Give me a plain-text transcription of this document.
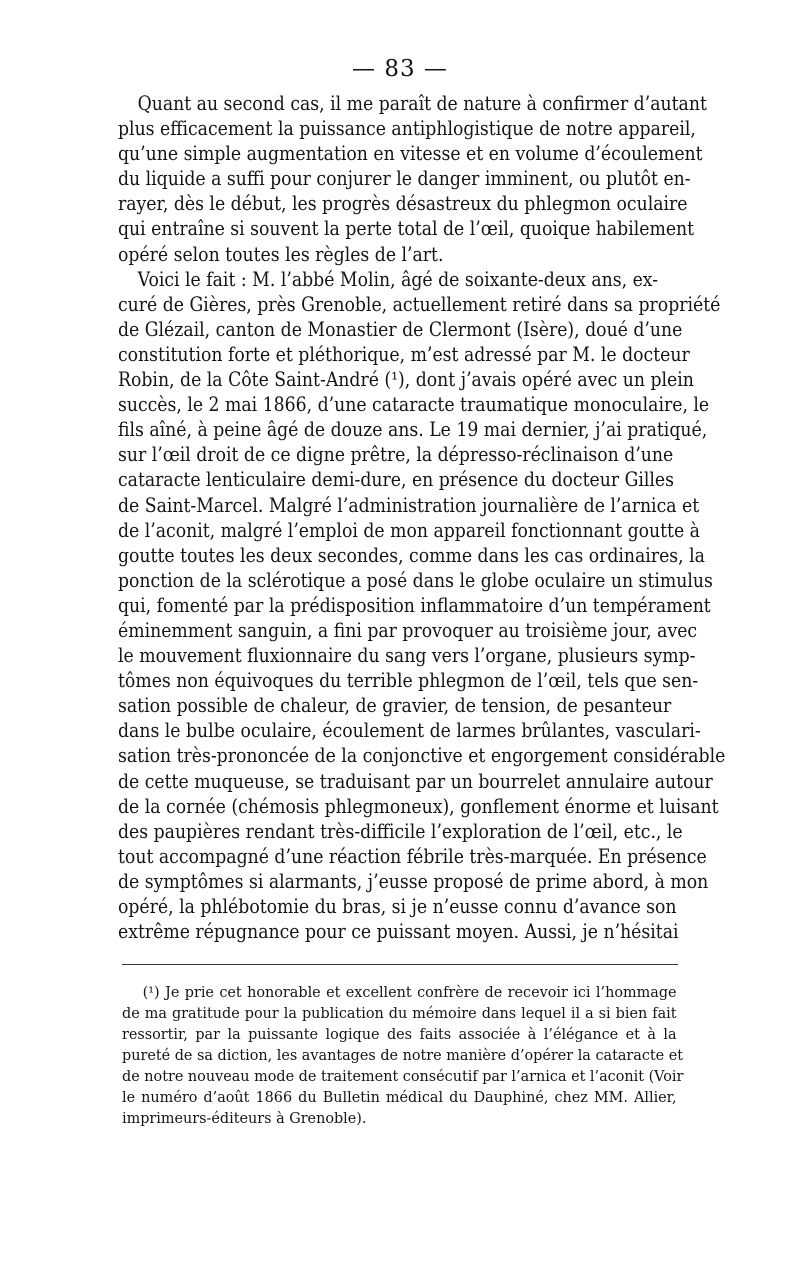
— 83 —
Quant au second cas, il me paraît de nature à confirmer d’autant
plus efficacement la puissance antiphlogistique de notre appareil,
qu’une simple augmentation en vitesse et en volume d’écoulement
du liquide a suffi pour conjurer le danger imminent, ou plutôt en-
rayer, dès le début, les progrès désastreux du phlegmon oculaire
qui entraîne si souvent la perte total de l’œil, quoique habilement
opéré selon toutes les règles de l’art.
Voici le fait : M. l’abbé Molin, âgé de soixante-deux ans, ex-
curé de Gières, près Grenoble, actuellement retiré dans sa propriété
de Glézail, canton de Monastier de Clermont (Isère), doué d’une
constitution forte et pléthorique, m’est adressé par M. le docteur
Robin, de la Côte Saint-André (¹), dont j’avais opéré avec un plein
succès, le 2 mai 1866, d’une cataracte traumatique monoculaire, le
fils aîné, à peine âgé de douze ans. Le 19 mai dernier, j’ai pratiqué,
sur l’œil droit de ce digne prêtre, la dépresso-réclinaison d’une
cataracte lenticulaire demi-dure, en présence du docteur Gilles
de Saint-Marcel. Malgré l’administration journalière de l’arnica et
de l’aconit, malgré l’emploi de mon appareil fonctionnant goutte à
goutte toutes les deux secondes, comme dans les cas ordinaires, la
ponction de la sclérotique a posé dans le globe oculaire un stimulus
qui, fomenté par la prédisposition inflammatoire d’un tempérament
éminemment sanguin, a fini par provoquer au troisième jour, avec
le mouvement fluxionnaire du sang vers l’organe, plusieurs symp-
tômes non équivoques du terrible phlegmon de l’œil, tels que sen-
sation possible de chaleur, de gravier, de tension, de pesanteur
dans le bulbe oculaire, écoulement de larmes brûlantes, vasculari-
sation très-prononcée de la conjonctive et engorgement considérable
de cette muqueuse, se traduisant par un bourrelet annulaire autour
de la cornée (chémosis phlegmoneux), gonflement énorme et luisant
des paupières rendant très-difficile l’exploration de l’œil, etc., le
tout accompagné d’une réaction fébrile très-marquée. En présence
de symptômes si alarmants, j’eusse proposé de prime abord, à mon
opéré, la phlébotomie du bras, si je n’eusse connu d’avance son
extrême répugnance pour ce puissant moyen. Aussi, je n’hésitai
(¹) Je prie cet honorable et excellent confrère de recevoir ici l’hommage
de ma gratitude pour la publication du mémoire dans lequel il a si bien fait
ressortir, par la puissante logique des faits associée à l’élégance et à la
pureté de sa diction, les avantages de notre manière d’opérer la cataracte et
de notre nouveau mode de traitement consécutif par l’arnica et l’aconit (Voir
le numéro d’août 1866 du Bulletin médical du Dauphiné, chez MM. Allier,
imprimeurs-éditeurs à Grenoble).
